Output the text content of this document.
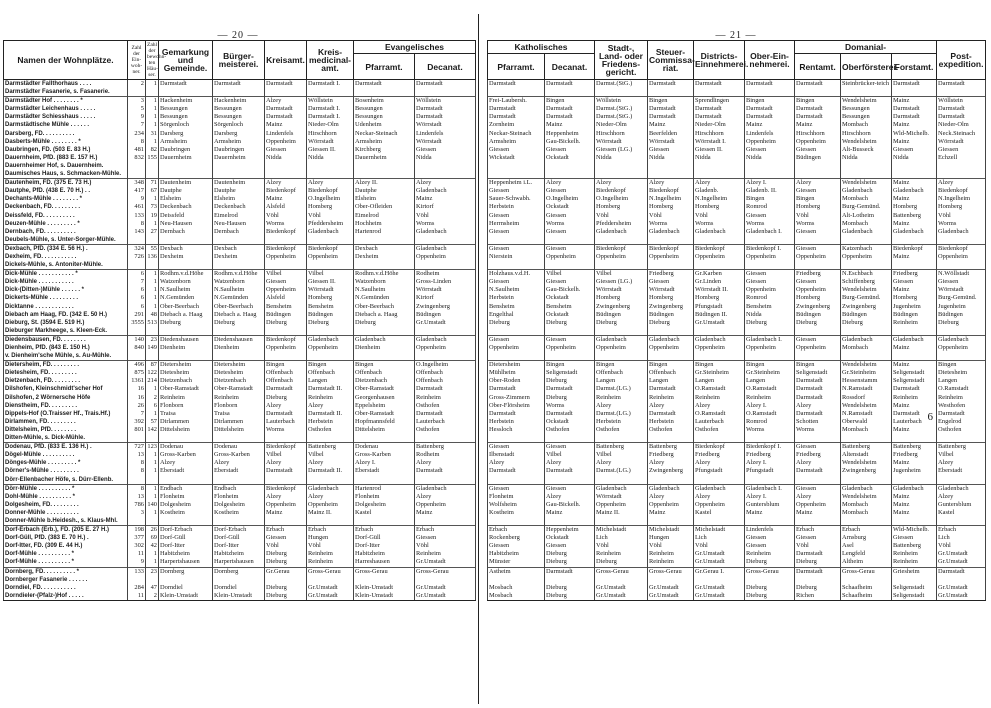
— 20 —
Namen der Wohnplätze.	Zahl der Ein- woh- ner.	Zahl der bewohn- ten Häu- ser.	Gemarkung und Gemeinde.	Bürger- meisterei.	Kreisamt.	Kreis- medicinal- amt.	Evangelisches	
							Pfarramt.	Decanat.
Darmstädter Fallthorhaus . . . .	2	1	Darmstadt	Darmstadt	Darmstadt	Darmstadt I.	Darmstadt	Darmstadt
Darmstädter Fasanerie, s. Fasanerie.								
Darmstädter Hof . . . . . . . . *	3	1	Hackenheim	Hackenheim	Alzey	Wöllstein	Bosenheim	Wöllstein
Darmstädter Leichenhaus . . . . .	5	1	Bessungen	Bessungen	Darmstadt	Darmstadt I.	Bessungen	Darmstadt
Darmstädter Schiesshaus . . . . .	9	1	Bessungen	Bessungen	Darmstadt	Darmstadt I.	Bessungen	Darmstadt
Darmstädtische Mühle . . . . . .	7	1	Sörgenloch	Sörgenloch	Mainz	Nieder-Olm	Udenheim	Wörrstadt
Darsberg, FD. . . . . . . . . .	234	31	Darsberg	Darsberg	Lindenfels	Hirschhorn	Neckar-Steinach	Lindenfels
Dasberts-Mühle . . . . . . . . *	8	1	Armsheim	Armsheim	Oppenheim	Wörrstadt	Armsheim	Wörrstadt
Daubringen, FD. (503 E. 83 H.)	481	82	Daubringen	Daubringen	Giessen	Giessen II.	Kirchberg	Giessen
Dauernheim, PfD. (883 E. 157 H.)	832	155	Dauernheim	Dauernheim	Nidda	Nidda	Dauernheim	Nidda
Dauernheimer Hof, s. Dauernheim.								
Daumisches Haus, s. Schmacken-Mühle.								
Dautenheim, FD. (375 E. 73 H.)	348	71	Dautenheim	Dautenheim	Alzey	Alzey	Alzey II.	Alzey
Dautphe, PfD. (438 E. 70 H.) . .	417	67	Dautphe	Dautphe	Biedenkopf	Biedenkopf	Dautphe	Gladenbach
Dechants-Mühle . . . . . . . . *	9	1	Elsheim	Elsheim	Mainz	O.Ingelheim	Elsheim	Mainz
Deckenbach, FD. . . . . . . . .	461	73	Deckenbach	Deckenbach	Alsfeld	Homberg	Ober-Ofleiden	Kirtorf
Deissfeld, FD. . . . . . . . . .	133	19	Deissfeld	Eimelrod	Vöhl	Vöhl	Eimelrod	Vöhl
Deuzen-Mühle . . . . . . . . . *	8	1	Neu-Hausen	Neu-Hausen	Worms	Pfeddersheim	Hochheim	Worms
Dernbach, FD. . . . . . . . . .	143	27	Dernbach	Dernbach	Biedenkopf	Gladenbach	Hartenrod	Gladenbach
Deubels-Mühle, s. Unter-Sorger-Mühle.								
Dexbach, PfD. (334 E. 56 H.) .	324	55	Dexbach	Dexbach	Biedenkopf	Biedenkopf	Dexbach	Gladenbach
Dexheim, FD. . . . . . . . . . .	726	136	Dexheim	Dexheim	Oppenheim	Oppenheim	Dexheim	Oppenheim
Dickels-Mühle, s. Antoniter-Mühle.								
Dick-Mühle . . . . . . . . . . . *	6	1	Rodhm.v.d.Höhe	Rodhm.v.d.Höhe	Vilbel	Vilbel	Rodhm.v.d.Höhe	Rodheim
Dick-Mühle . . . . . . . . . . .	7	1	Watzenborn	Watzenborn	Giessen	Giessen II.	Watzenborn	Gross-Linden
Dick-(Ditten-)Mühle . . . . . . *	6	1	N.Saulheim	N.Saulheim	Oppenheim	Wörrstadt	N.Saulheim	Wörrstadt
Dickerts-Mühle . . . . . . . . .	6	1	N.Gemünden	N.Gemünden	Alsfeld	Homberg	N.Gemünden	Kirtorf
Dicktanne . . . . . . . . . . . .	6	1	Ober-Beerbach	Ober-Beerbach	Bensheim	Bensheim	Ober-Beerbach	Zwingenberg
Diebach am Haag, FD. (342 E. 50 H.)	291	48	Diebach a. Haag	Diebach a. Haag	Büdingen	Büdingen	Diebach a. Haag	Büdingen
Dieburg, St. (3594 E. 519 H.)	3555	513	Dieburg	Dieburg	Dieburg	Dieburg	Dieburg	Gr.Umstadt
Dieburger Markheege, s. Kleen-Eck.								
Diedensbausen, FD. . . . . . . .	140	23	Diedenshausen	Diedenshausen	Biedenkopf	Gladenbach	Gladenbach	Gladenbach
Dienheim, PfD. (843 E. 150 H.)	840	149	Dienheim	Dienheim	Oppenheim	Oppenheim	Dienheim	Oppenheim
v. Dienheim'sche Mühle, s. Au-Mühle.								
Dietersheim, FD. . . . . . . . .	496	87	Dietersheim	Dietersheim	Bingen	Bingen	Bingen	O.Ingelheim
Dietesheim, FD. . . . . . . . .	875	122	Dietesheim	Dietesheim	Offenbach	Offenbach	Offenbach	Offenbach
Dietzenbach, FD. . . . . . . . .	1361	214	Dietzenbach	Dietzenbach	Offenbach	Langen	Dietzenbach	Offenbach
Dilshofen, Kleinschmidt'scher Hof	16	1	Ober-Ramstadt	Ober-Ramstadt	Darmstadt	Darmstadt II.	Ober-Ramstadt	Darmstadt
Dilshofen, 2 Wörnersche Höfe	16	2	Reinheim	Reinheim	Dieburg	Reinheim	Georgenhausen	Reinheim
Dienstheim, FD. . . . . . . . .	26	6	Flonborn	Flonborn	Alzey	Alzey	Eppelsheim	Osthofen
Dippels-Hof (O.Traisser Hf., Trais.Hf.)	7	1	Traisa	Traisa	Darmstadt	Darmstadt II.	Ober-Ramstadt	Darmstadt
Dirlammen, FD. . . . . . . . .	392	57	Dirlammen	Dirlammen	Lauterbach	Herbstein	Hopfmannsfeld	Lauterbach
Dittelsheim, PfD. . . . . . . .	801	142	Dittelsheim	Dittelsheim	Worms	Osthofen	Dittelsheim	Osthofen
Ditten-Mühle, s. Dick-Mühle.								
Dodenau, PfD. (833 E. 136 H.) .	727	123	Dodenau	Dodenau	Biedenkopf	Battenberg	Dodenau	Battenberg
Dögel-Mühle . . . . . . . . . .	13	1	Gross-Karben	Gross-Karben	Vilbel	Vilbel	Gross-Karben	Rodheim
Dönges-Mühle . . . . . . . . . *	8	1	Alzey	Alzey	Alzey	Alzey	Alzey I.	Alzey
Dörner's-Mühle . . . . . . . . .	8	1	Eberstadt	Eberstadt	Darmstadt	Darmstadt II.	Eberstadt	Darmstadt
Dörr-Ellenbacher Höfe, s. Dürr-Ellenb.								
Dörr-Mühle . . . . . . . . . . *	8	1	Endbach	Endbach	Biedenkopf	Gladenbach	Hartenrod	Gladenbach
Dohl-Mühle . . . . . . . . . . *	13	1	Flonheim	Flonheim	Alzey	Alzey	Flonheim	Alzey
Dolgesheim, FD. . . . . . . . .	786	140	Dolgesheim	Dolgesheim	Oppenheim	Oppenheim	Dolgesheim	Oppenheim
Donner-Mühle . . . . . . . . . .	3	1	Kostheim	Kostheim	Mainz	Mainz II.	Kastel	Mainz
Donner-Mühle b.Heidesh., s. Klaus-Mhl.								
Dorf-Erbach (Erb.), FD. (205 E. 27 H.)	198	26	Dorf-Erbach	Dorf-Erbach	Erbach	Erbach	Erbach	Erbach
Dorf-Güll, PfD. (383 E. 70 H.) .	377	69	Dorf-Güll	Dorf-Güll	Giessen	Hungen	Dorf-Güll	Giessen
Dorf-Itter, FD. (309 E. 44 H.)	302	42	Dorf-Itter	Dorf-Itter	Vöhl	Vöhl	Dorf-Itter	Vöhl
Dorf-Mühle . . . . . . . . . . *	11	1	Habitzheim	Habitzheim	Dieburg	Reinheim	Habitzheim	Reinheim
Dorf-Mühle . . . . . . . . . . *	9	1	Harpertshausen	Harpertshausen	Dieburg	Reinheim	Harreshausen	Gr.Umstadt
Dornberg, FD. . . . . . . . . . *	133	23	Dornberg	Dornberg	Gr.Gerau	Gross-Gerau	Gross-Gerau	Gross-Gerau
Dornberger Fasanerie . . . . . .								
Dorndiel, FD. . . . . . . . . . .	284	47	Dorndiel	Dorndiel	Dieburg	Gr.Umstadt	Klein-Umstadt	Gr.Umstadt
Dorndieler-(Pfalz-)Hof . . . . .	11	2	Klein-Umstadt	Klein-Umstadt	Dieburg	Gr.Umstadt	Klein-Umstadt	Gr.Umstadt
— 21 —
Katholisches		Stadt-, Land- oder Friedens- gericht.	Steuer- Commissa- riat.	Districts- Einnehmerei.	Ober-Ein- nehmerei.	Domanial-			Post- expedition.
Pfarramt.	Decanat.					Rentamt.	Oberförsterei.	Forstamt.	
Darmstadt	Darmstadt	Darmst.(StG.)	Darmstadt	Darmstadt	Darmstadt	Darmstadt	Steinbrücker-teich	Darmstadt	Darmstadt

Frei-Laubersh.	Bingen	Wöllstein	Bingen	Sprendlingen	Bingen	Bingen	Wendelsheim	Mainz	Wöllstein
Darmstadt	Darmstadt	Darmst.(StG.)	Darmstadt	Darmstadt	Darmstadt	Darmstadt	Bessungen	Darmstadt	Darmstadt
Darmstadt	Darmstadt	Darmst.(StG.)	Darmstadt	Darmstadt	Darmstadt	Darmstadt	Bessungen	Darmstadt	Darmstadt
Zornheim	Mainz	Nieder-Olm	Mainz	Nieder-Olm	Mainz	Mainz	Mombach	Mainz	Nieder-Olm
Neckar-Steinach	Heppenheim	Hirschhorn	Beerfelden	Hirschhorn	Lindenfels	Hirschhorn	Hirschhorn	Wld-Michelb.	Neck.Steinach
Armsheim	Gau-Bickelh.	Wörrstadt	Wörrstadt	Wörrstadt I.	Oppenheim	Oppenheim	Wendelsheim	Mainz	Wörrstadt
Giessen	Giessen	Giessen (LG.)	Giessen	Giessen II.	Giessen	Giessen	Alt-Busseck	Giessen	Giessen
Wickstadt	Ockstadt	Nidda	Nidda	Nidda	Nidda	Büdingen	Nidda	Nidda	Echzell

Heppenheim i.L.	Alzey	Alzey	Alzey	Alzey	Alzey I.	Alzey	Wendelsheim	Mainz	Alzey
Giessen	Giessen	Biedenkopf	Biedenkopf	Gladenb.	Gladenb. II.	Giessen	Gladenbach	Gladenbach	Biedenkopf
Sauer-Schwabh.	O.Ingelheim	O.Ingelheim	N.Ingelheim	N.Ingelheim	Bingen	Bingen	Mombach	Mainz	N.Ingelheim
Herbstein	Ockstadt	Homberg	Homberg	Homberg	Romrod	Homberg	Burg-Gemünd.	Homberg	Homberg
Giessen	Giessen	Vöhl	Vöhl	Vöhl	Giessen	Vöhl	Alt-Lotheim	Battenberg	Vöhl
Herrnsheim	Worms	Pfeddersheim	Worms	Worms	Worms	Worms	Mombach	Mainz	Worms
Giessen	Giessen	Gladenbach	Gladenbach	Gladenbach	Gladenbach I.	Giessen	Gladenbach	Gladenbach	Gladenbach

Giessen	Giessen	Biedenkopf	Biedenkopf	Biedenkopf	Biedenkopf I.	Giessen	Katzenbach	Biedenkopf	Biedenkopf
Nierstein	Oppenheim	Oppenheim	Oppenheim	Oppenheim	Oppenheim	Oppenheim	Oppenheim	Mainz	Oppenheim

Holzhaus.v.d.H.	Vilbel	Vilbel	Friedberg	Gr.Karben	Giessen	Friedberg	N.Eschbach	Friedberg	N.Wöllstadt
Giessen	Giessen	Giessen (LG.)	Giessen	Gr.Linden	Giessen	Giessen	Schiffenberg	Giessen	Giessen
N.Saulheim	Gau-Bickelh.	Wörrstadt	Wörrstadt	Wörrstadt II.	Oppenheim	Oppenheim	Wendelsheim	Mainz	Wörrstadt
Herbstein	Ockstadt	Homberg	Homberg	Homberg	Romrod	Homberg	Burg-Gemünd.	Homberg	Burg-Gemünd.
Bensheim	Bensheim	Zwingenberg	Zwingenberg	Pfungstadt	Bensheim	Zwingenberg	Zwingenberg	Jugenheim	Jugenheim
Engelthal	Ockstadt	Büdingen	Büdingen	Büdingen II.	Nidda	Büdingen	Büdingen	Büdingen	Büdingen
Dieburg	Dieburg	Dieburg	Dieburg	Gr.Umstadt	Dieburg	Dieburg	Dieburg	Reinheim	Dieburg

Giessen	Giessen	Gladenbach	Gladenbach	Gladenbach	Gladenbach I.	Giessen	Gladenbach	Gladenbach	Gladenbach
Oppenheim	Oppenheim	Oppenheim	Oppenheim	Oppenheim	Oppenheim	Oppenheim	Mombach	Mainz	Oppenheim

Dietersheim	Bingen	Bingen	Bingen	Bingen	Bingen	Bingen	Wendelsheim	Mainz	Bingen
Mühlheim	Seligenstadt	Offenbach	Offenbach	Gr.Steinheim	Gr.Steinheim	Seligenstadt	Gr.Steinheim	Seligenstadt	Dietesheim
Ober-Roden	Dieburg	Langen	Langen	Langen	Langen	Darmstadt	Hessenstamm	Seligenstadt	Langen
Darmstadt	Darmstadt	Darmst.(LG.)	Darmstadt	O.Ramstadt	O.Ramstadt	Darmstadt	N.Ramstadt	Darmstadt	O.Ramstadt
Gross-Zimmern	Dieburg	Reinheim	Reinheim	Reinheim	Reinheim	Darmstadt	Rossdorf	Reinheim	Reinheim
Ober-Flörsheim	Worms	Alzey	Alzey	Alzey	Alzey I.	Alzey	Wendelsheim	Mainz	Westhofen
Darmstadt	Darmstadt	Darmst.(LG.)	Darmstadt	O.Ramstadt	O.Ramstadt	Darmstadt	N.Ramstadt	Darmstadt	Darmstadt
Herbstein	Ockstadt	Herbstein	Herbstein	Lauterbach	Romrod	Schotten	Oberwald	Lauterbach	Engelrod
Hessloch	Osthofen	Osthofen	Osthofen	Osthofen	Worms	Worms	Mombach	Mainz	Osthofen

Giessen	Giessen	Battenberg	Battenberg	Biedenkopf	Biedenkopf I.	Giessen	Battenberg	Battenberg	Battenberg
Ilbenstadt	Vilbel	Vilbel	Friedberg	Friedberg	Friedberg	Friedberg	Altenstadt	Friedberg	Vilbel
Alzey	Alzey	Alzey	Alzey	Alzey	Alzey I.	Alzey	Wendelsheim	Mainz	Alzey
Darmstadt	Darmstadt	Darmst.(LG.)	Zwingenberg	Pfungstadt	Pfungstadt	Darmstadt	Zwingenberg	Jugenheim	Eberstadt

Giessen	Giessen	Gladenbach	Gladenbach	Gladenbach	Gladenbach I.	Giessen	Gladenbach	Gladenbach	Gladenbach
Flonheim	Alzey	Wörrstadt	Alzey	Alzey	Alzey I.	Alzey	Wendelsheim	Mainz	Alzey
Wolfsheim	Gau-Bickelh.	Oppenheim	Oppenheim	Oppenheim	Guntersblum	Oppenheim	Mombach	Mainz	Guntersblum
Kostheim	Mainz	Mainz II.	Mainz	Kastel	Mainz	Mainz	Mombach	Mainz	Kastel

Erbach	Heppenheim	Michelstadt	Michelstadt	Michelstadt	Lindenfels	Erbach	Erbach	Wld-Michelb.	Erbach
Rockenberg	Ockstadt	Lich	Hungen	Lich	Giessen	Giessen	Arnsburg	Giessen	Lich
Giessen	Giessen	Vöhl	Vöhl	Vöhl	Giessen	Vöhl	Asel	Battenberg	Vöhl
Habitzheim	Dieburg	Reinheim	Reinheim	Gr.Umstadt	Reinheim	Darmstadt	Lengfeld	Reinheim	Gr.Umstadt
Münster	Dieburg	Dieburg	Reinheim	Gr.Umstadt	Dieburg	Dieburg	Altheim	Reinheim	Gr.Umstadt
Astheim	Darmstadt	Gross-Gerau	Gross-Gerau	Gr.Gerau I.	Gross-Gerau	Darmstadt	Gross-Gerau	Griesheim	Darmstadt

Mosbach	Dieburg	Gr.Umstadt	Gr.Umstadt	Gr.Umstadt	Dieburg	Dieburg	Schaafheim	Seligenstadt	Gr.Umstadt
Mosbach	Dieburg	Gr.Umstadt	Gr.Umstadt	Gr.Umstadt	Dieburg	Richen	Schaafheim	Seligenstadt	Gr.Umstadt
6
